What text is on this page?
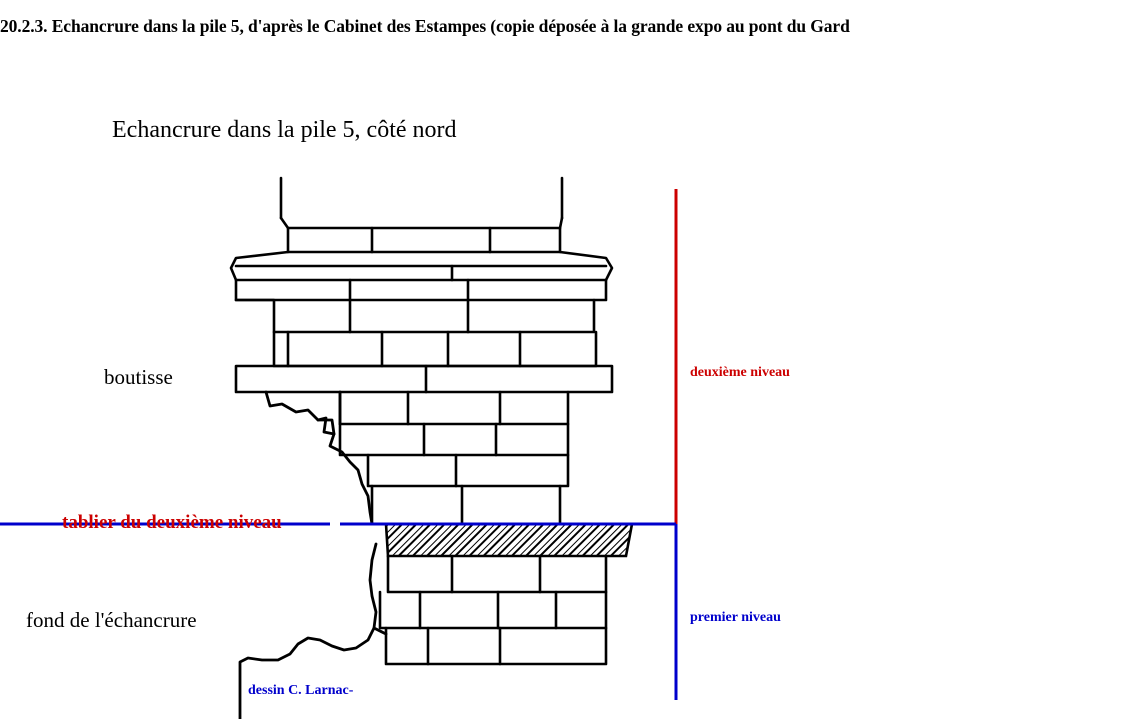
20.2.3. Echancrure dans la pile 5, d'après le Cabinet des Estampes (copie déposée à la grande expo au pont du Gard
Echancrure dans la pile 5, côté nord
boutisse
fond de l'échancrure
tablier du deuxième niveau
deuxième niveau
premier niveau
dessin C. Larnac-
